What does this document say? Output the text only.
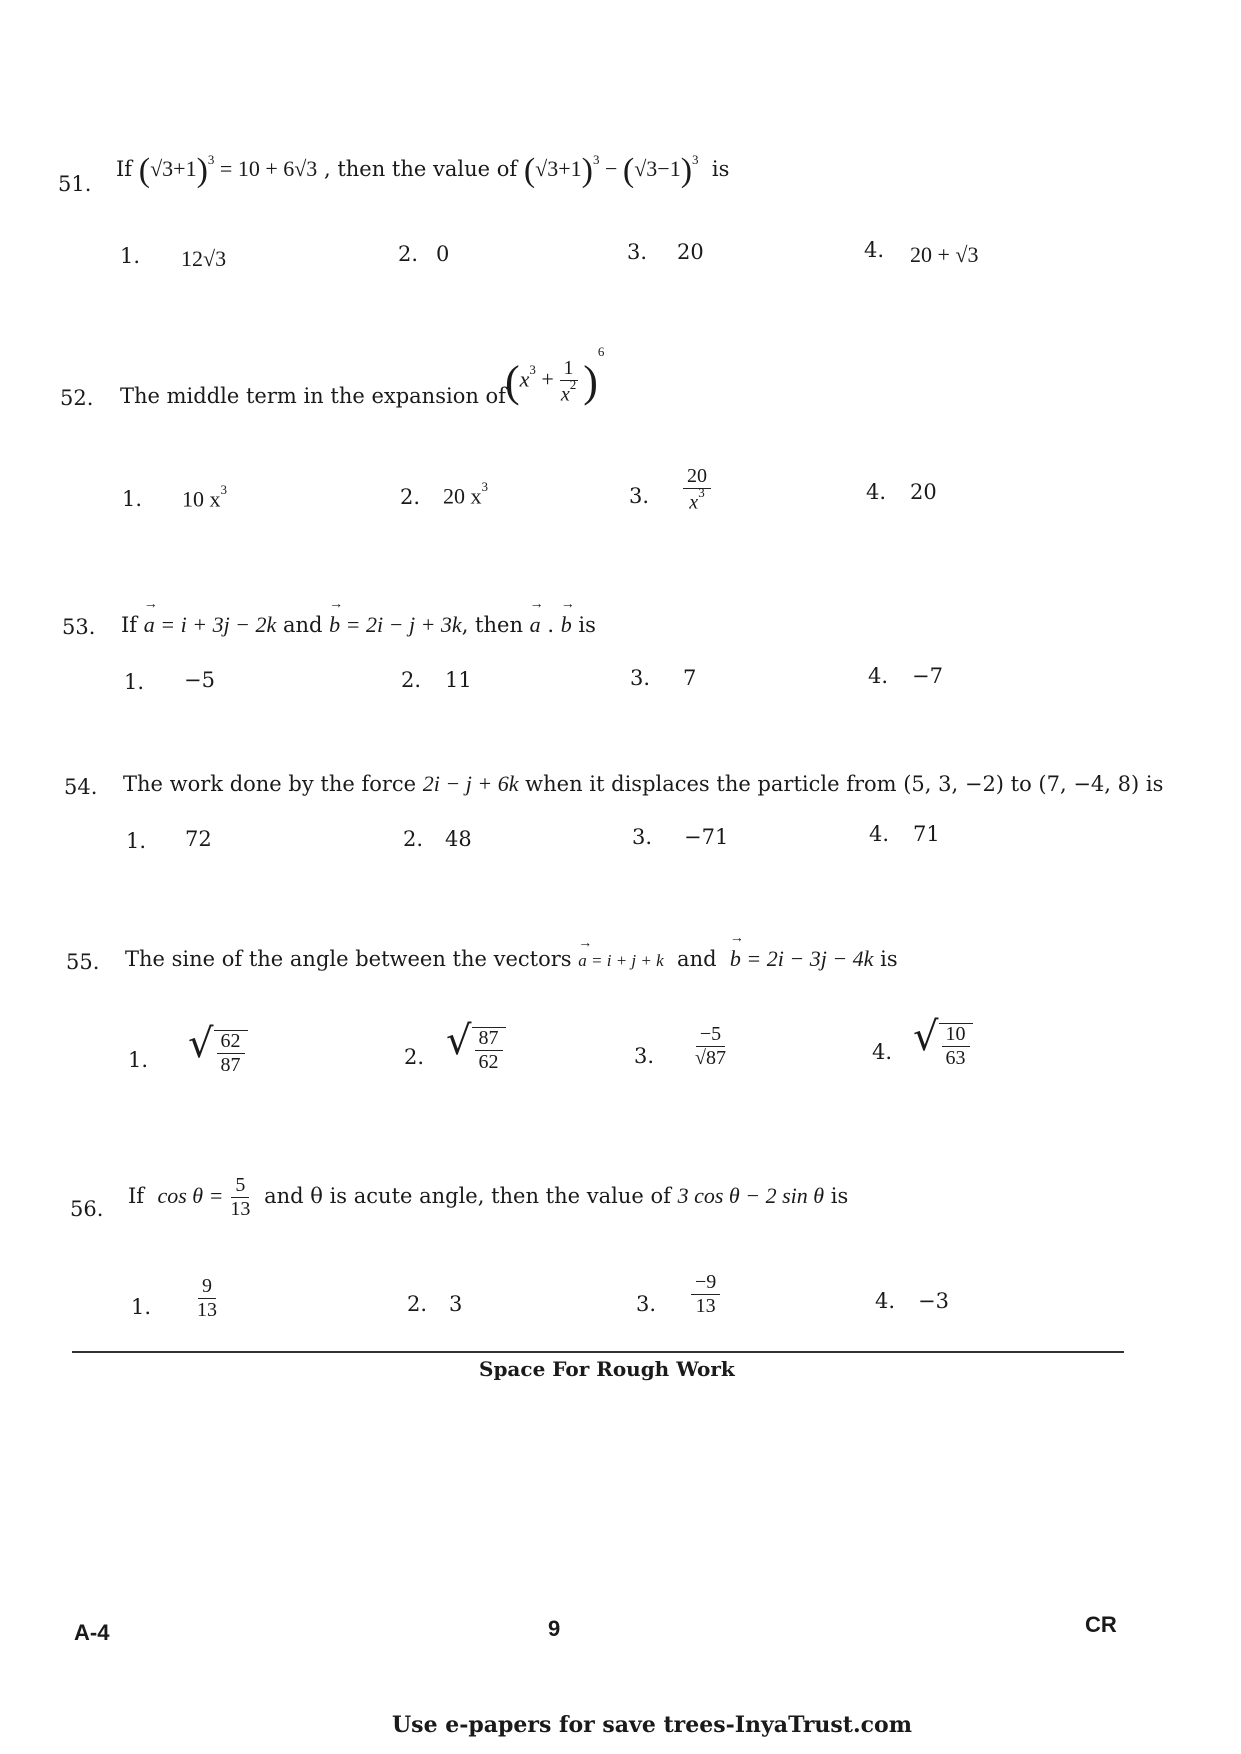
51.
If $(√3+1)^3 = 10 + 6√3$ , then the value of $(√3+1)^3 - (√3-1)^3$ is
1. 12√3	2. 0	3. 20	4. 20 + √3
52. The middle term in the expansion of $(x^3 + \frac{1}{x^2} )^6$
1. 10 $x^3$	2. 20 $x^3$	3. $\frac{20}{x^3}$	4. 20
53. If → a = i + 3j − 2k and → b = 2i − j + 3k, then → a . → b is
1. −5	2. 11	3. 7	4. −7
54. The work done by the force 2i − j + 6k when it displaces the particle from (5, 3, −2) to (7, −4, 8) is
1. 72	2. 48	3. −71	4. 71
55. The sine of the angle between the vectors → a = i + j + k and → b = 2i − 3j − 4k is
1. √ $\frac{62}{87}$	2. √ $\frac{87}{62}$	3. $\frac{-5}{√87}$	4. √ $\frac{10}{63}$
56.
If $\cos \theta = \frac{5}{13}$ and θ is acute angle, then the value of 3 cos θ − 2 sin θ is
1. $\frac{9}{13}$	2. 3	3. $\frac{-9}{13}$	4. −3
Space For Rough Work
A-4	9	CR
Use e-papers for save trees-InyaTrust.com
